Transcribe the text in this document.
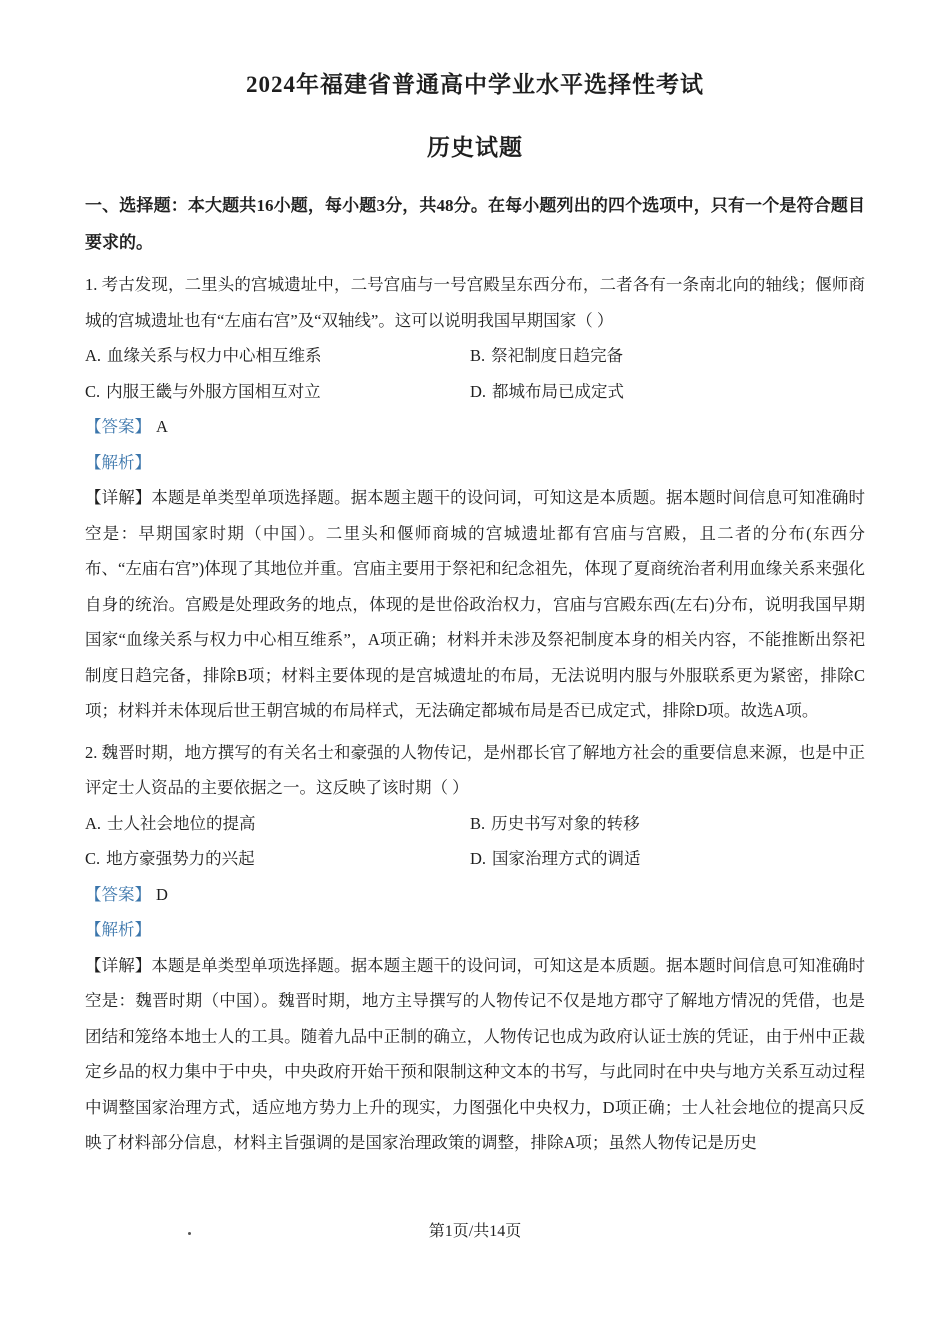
2024年福建省普通高中学业水平选择性考试
历史试题

一、选择题：本大题共16小题，每小题3分，共48分。在每小题列出的四个选项中，只有一个是符合题目要求的。

1. 考古发现，二里头的宫城遗址中，二号宫庙与一号宫殿呈东西分布，二者各有一条南北向的轴线；偃师商城的宫城遗址也有“左庙右宫”及“双轴线”。这可以说明我国早期国家（ ）

A. 血缘关系与权力中心相互维系	B. 祭祀制度日趋完备
C. 内服王畿与外服方国相互对立	D. 都城布局已成定式

【答案】 A

【解析】

【详解】本题是单类型单项选择题。据本题主题干的设问词，可知这是本质题。据本题时间信息可知准确时空是：早期国家时期（中国）。二里头和偃师商城的宫城遗址都有宫庙与宫殿，且二者的分布(东西分布、“左庙右宫”)体现了其地位并重。宫庙主要用于祭祀和纪念祖先，体现了夏商统治者利用血缘关系来强化自身的统治。宫殿是处理政务的地点，体现的是世俗政治权力，宫庙与宫殿东西(左右)分布，说明我国早期国家“血缘关系与权力中心相互维系”，A项正确；材料并未涉及祭祀制度本身的相关内容，不能推断出祭祀制度日趋完备，排除B项；材料主要体现的是宫城遗址的布局，无法说明内服与外服联系更为紧密，排除C项；材料并未体现后世王朝宫城的布局样式，无法确定都城布局是否已成定式，排除D项。故选A项。

2. 魏晋时期，地方撰写的有关名士和豪强的人物传记，是州郡长官了解地方社会的重要信息来源，也是中正评定士人资品的主要依据之一。这反映了该时期（ ）

A. 士人社会地位的提高	B. 历史书写对象的转移
C. 地方豪强势力的兴起	D. 国家治理方式的调适

【答案】 D

【解析】

【详解】本题是单类型单项选择题。据本题主题干的设问词，可知这是本质题。据本题时间信息可知准确时空是：魏晋时期（中国）。魏晋时期，地方主导撰写的人物传记不仅是地方郡守了解地方情况的凭借，也是团结和笼络本地士人的工具。随着九品中正制的确立，人物传记也成为政府认证士族的凭证，由于州中正裁定乡品的权力集中于中央，中央政府开始干预和限制这种文本的书写，与此同时在中央与地方关系互动过程中调整国家治理方式，适应地方势力上升的现实，力图强化中央权力，D项正确；士人社会地位的提高只反映了材料部分信息，材料主旨强调的是国家治理政策的调整，排除A项；虽然人物传记是历史

第1页/共14页
